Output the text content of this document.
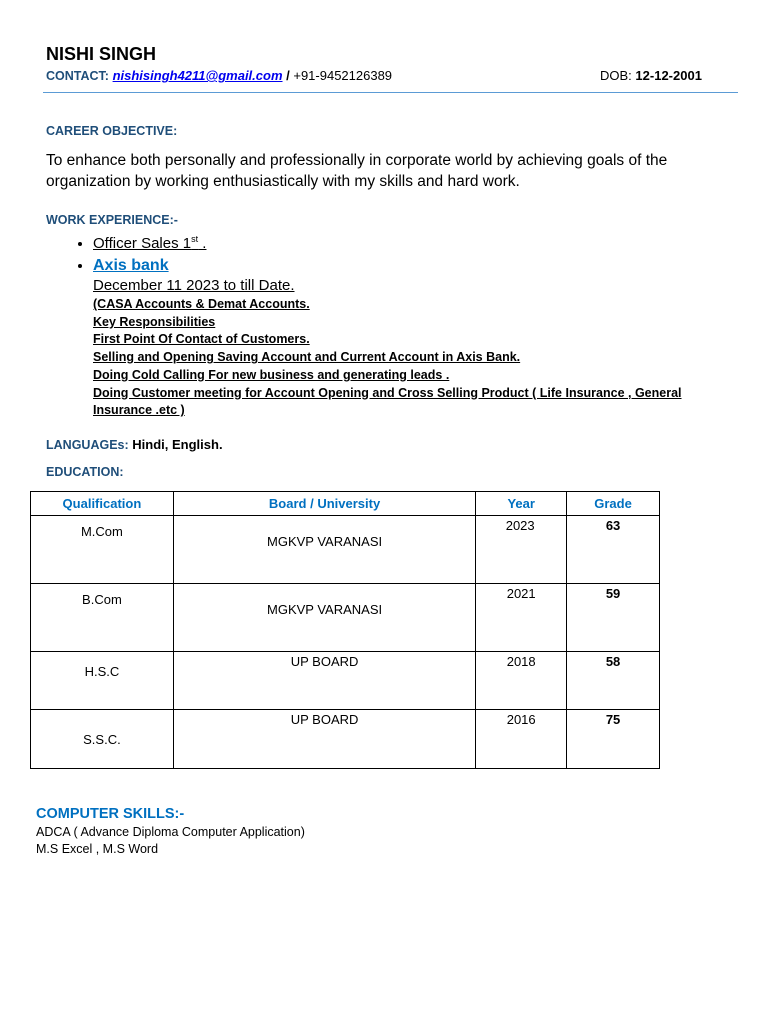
NISHI SINGH
CONTACT: nishisingh4211@gmail.com / +91-9452126389	DOB: 12-12-2001
CAREER OBJECTIVE:
To enhance both personally and professionally in corporate world by achieving goals of the organization by working enthusiastically with my skills and hard work.
WORK EXPERIENCE:-
• Officer Sales 1st .
• Axis bank
December 11 2023 to till Date.
(CASA Accounts & Demat Accounts.
Key Responsibilities
First Point Of Contact of Customers.
Selling and Opening Saving Account and Current Account in Axis Bank.
Doing Cold Calling For new business and generating leads .
Doing Customer meeting for Account Opening and Cross Selling Product ( Life Insurance , General Insurance .etc )
LANGUAGEs: Hindi, English.
EDUCATION:
Qualification	Board / University	Year	Grade

M.Com	MGKVP VARANASI	2023	63

B.Com	MGKVP VARANASI	2021	59

H.S.C	UP BOARD	2018	58

S.S.C.	UP BOARD	2016	75
COMPUTER SKILLS:-
ADCA ( Advance Diploma Computer Application)
M.S Excel , M.S Word
